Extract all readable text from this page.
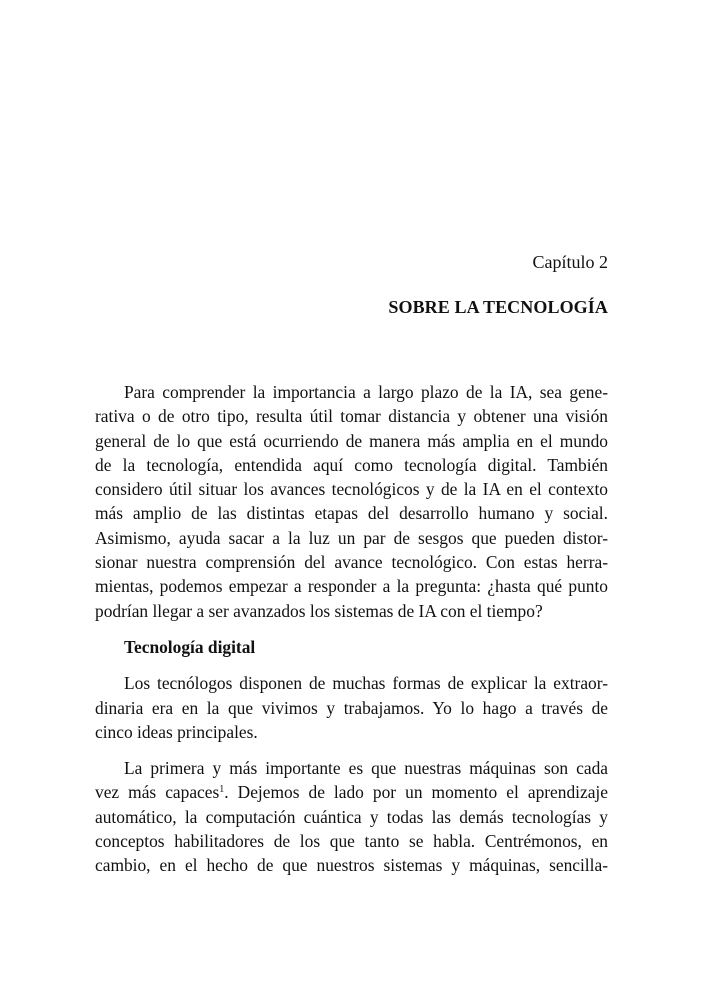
Capítulo 2
SOBRE LA TECNOLOGÍA
Para comprender la importancia a largo plazo de la IA, sea gene-
rativa o de otro tipo, resulta útil tomar distancia y obtener una visión
general de lo que está ocurriendo de manera más amplia en el mundo
de la tecnología, entendida aquí como tecnología digital. También
considero útil situar los avances tecnológicos y de la IA en el contexto
más amplio de las distintas etapas del desarrollo humano y social.
Asimismo, ayuda sacar a la luz un par de sesgos que pueden distor-
sionar nuestra comprensión del avance tecnológico. Con estas herra-
mientas, podemos empezar a responder a la pregunta: ¿hasta qué punto
podrían llegar a ser avanzados los sistemas de IA con el tiempo?
Tecnología digital
Los tecnólogos disponen de muchas formas de explicar la extraor-
dinaria era en la que vivimos y trabajamos. Yo lo hago a través de
cinco ideas principales.
La primera y más importante es que nuestras máquinas son cada
vez más capaces$^1$. Dejemos de lado por un momento el aprendizaje
automático, la computación cuántica y todas las demás tecnologías y
conceptos habilitadores de los que tanto se habla. Centrémonos, en
cambio, en el hecho de que nuestros sistemas y máquinas, sencilla-
